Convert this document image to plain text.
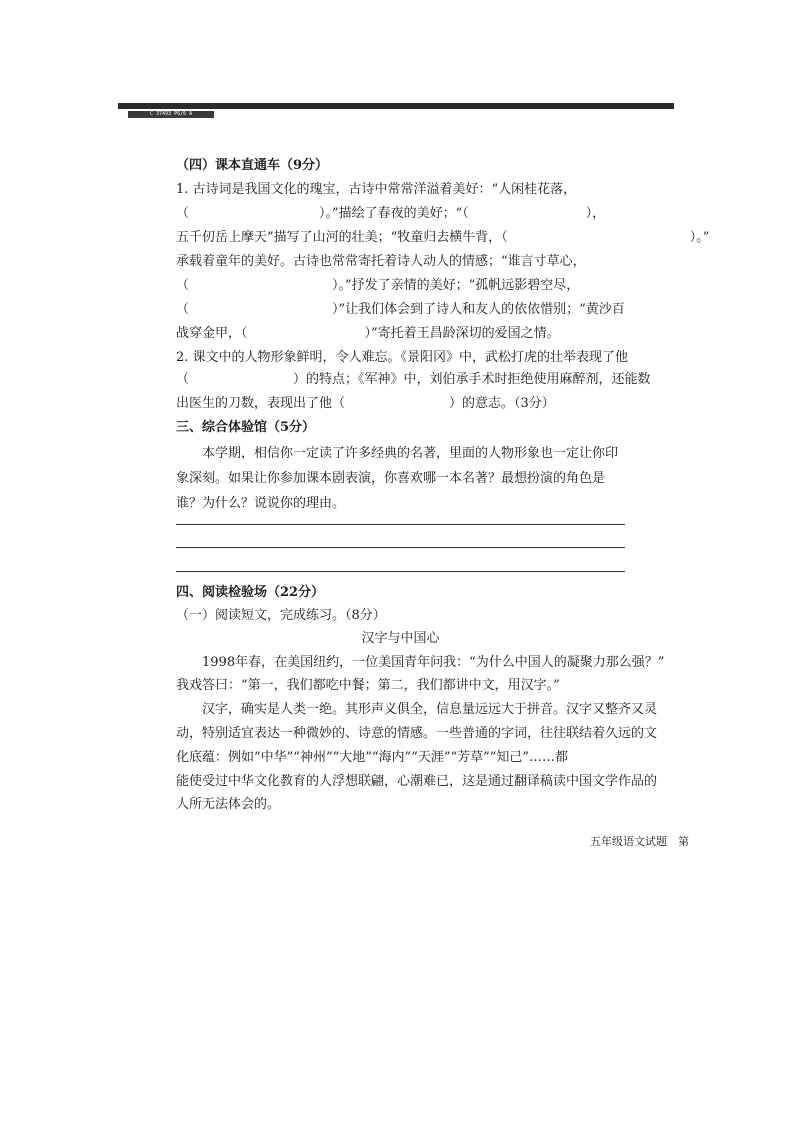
C 37493 P6/6 A
（四）课本直通车（9分）
1. 古诗词是我国文化的瑰宝，古诗中常常洋溢着美好：“人闲桂花落，
（　　　　　　　　　　）。”描绘了春夜的美好；“（　　　　　　　　　），
五千仞岳上摩天”描写了山河的壮美；“牧童归去横牛背，（　　　　　　　　　　　　　　）。”
承载着童年的美好。古诗也常常寄托着诗人动人的情感；“谁言寸草心，
（　　　　　　　　　　　）。”抒发了亲情的美好；“孤帆远影碧空尽，
（　　　　　　　　　　　）”让我们体会到了诗人和友人的依依惜别；“黄沙百
战穿金甲，（　　　　　　　　　）”寄托着王昌龄深切的爱国之情。
2. 课文中的人物形象鲜明，令人难忘。《景阳冈》中，武松打虎的壮举表现了他
（　　　　　　　　）的特点；《军神》中，刘伯承手术时拒绝使用麻醉剂，还能数
出医生的刀数，表现出了他（　　　　　　　　）的意志。（3分）
三、综合体验馆（5分）
　　本学期，相信你一定读了许多经典的名著，里面的人物形象也一定让你印
象深刻。如果让你参加课本剧表演，你喜欢哪一本名著？最想扮演的角色是
谁？为什么？说说你的理由。
四、阅读检验场（22分）
（一）阅读短文，完成练习。（8分）
汉字与中国心
　　1998年春，在美国纽约，一位美国青年问我：“为什么中国人的凝聚力那么强？”
我戏答曰：“第一，我们都吃中餐；第二，我们都讲中文，用汉字。”
　　汉字，确实是人类一绝。其形声义俱全，信息量远远大于拼音。汉字又整齐又灵
动，特别适宜表达一种微妙的、诗意的情感。一些普通的字词，往往联结着久远的文
化底蕴：例如“中华”“神州”“大地”“海内”“天涯”“芳草”“知己”……都
能使受过中华文化教育的人浮想联翩，心潮难已，这是通过翻译稿读中国文学作品的
人所无法体会的。
五年级语文试题　第
